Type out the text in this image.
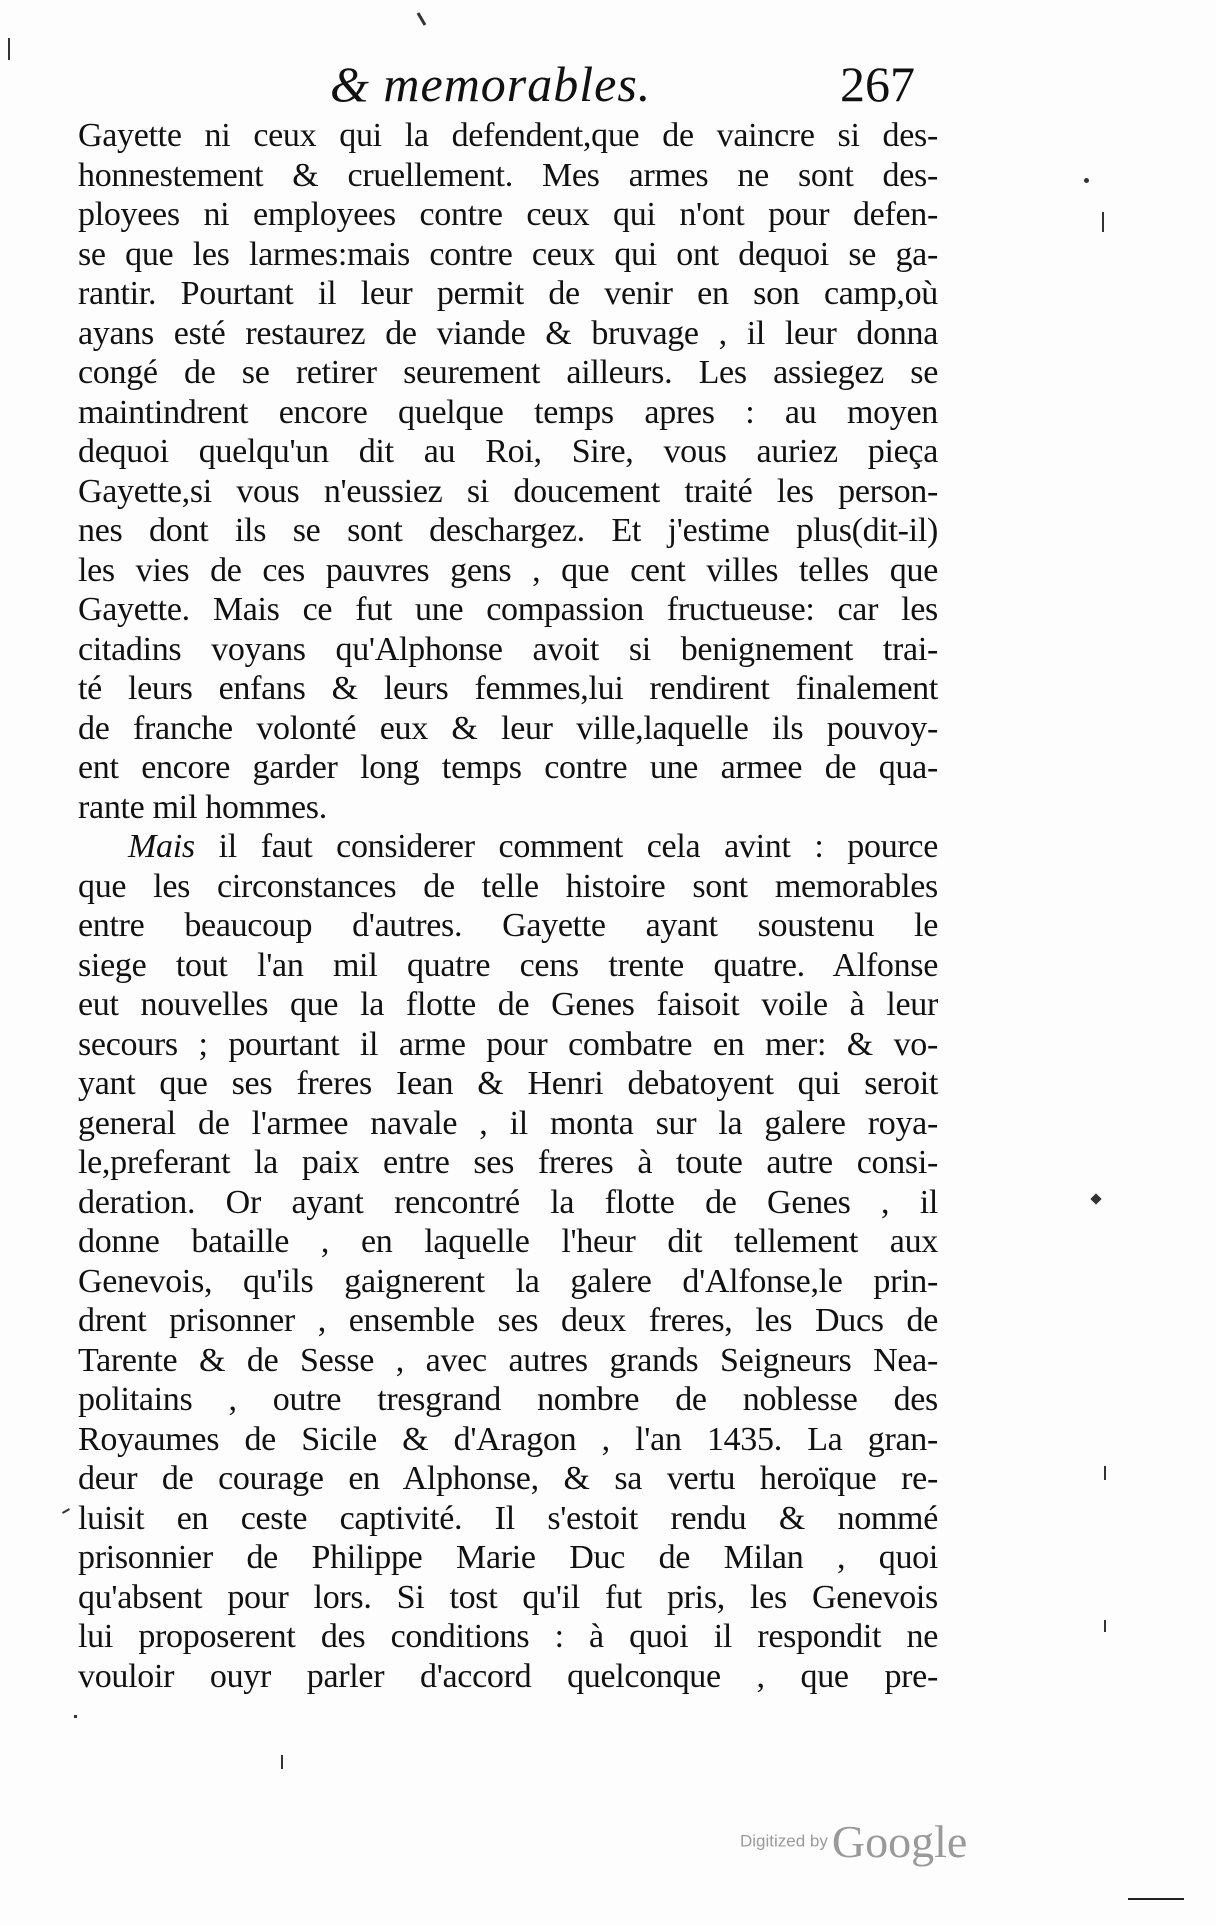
& memorables.	267
Gayette ni ceux qui la defendent,que de vaincre si des-
honnestement & cruellement. Mes armes ne sont des-
ployees ni employees contre ceux qui n'ont pour defen-
se que les larmes:mais contre ceux qui ont dequoi se ga-
rantir. Pourtant il leur permit de venir en son camp,où
ayans esté restaurez de viande & bruvage , il leur donna
congé de se retirer seurement ailleurs. Les assiegez se
maintindrent encore quelque temps apres : au moyen
dequoi quelqu'un dit au Roi, Sire, vous auriez pieça
Gayette,si vous n'eussiez si doucement traité les person-
nes dont ils se sont deschargez. Et j'estime plus(dit-il)
les vies de ces pauvres gens , que cent villes telles que
Gayette. Mais ce fut une compassion fructueuse: car les
citadins voyans qu'Alphonse avoit si benignement trai-
té leurs enfans & leurs femmes,lui rendirent finalement
de franche volonté eux & leur ville,laquelle ils pouvoy-
ent encore garder long temps contre une armee de qua-
rante mil hommes.
Mais il faut considerer comment cela avint : pource
que les circonstances de telle histoire sont memorables
entre beaucoup d'autres. Gayette ayant soustenu le
siege tout l'an mil quatre cens trente quatre. Alfonse
eut nouvelles que la flotte de Genes faisoit voile à leur
secours ; pourtant il arme pour combatre en mer: & vo-
yant que ses freres Iean & Henri debatoyent qui seroit
general de l'armee navale , il monta sur la galere roya-
le,preferant la paix entre ses freres à toute autre consi-
deration. Or ayant rencontré la flotte de Genes , il
donne bataille , en laquelle l'heur dit tellement aux
Genevois, qu'ils gaignerent la galere d'Alfonse,le prin-
drent prisonner , ensemble ses deux freres, les Ducs de
Tarente & de Sesse , avec autres grands Seigneurs Nea-
politains , outre tresgrand nombre de noblesse des
Royaumes de Sicile & d'Aragon , l'an 1435. La gran-
deur de courage en Alphonse, & sa vertu heroïque re-
luisit en ceste captivité. Il s'estoit rendu & nommé
prisonnier de Philippe Marie Duc de Milan , quoi
qu'absent pour lors. Si tost qu'il fut pris, les Genevois
lui proposerent des conditions : à quoi il respondit ne
vouloir ouyr parler d'accord quelconque , que pre-
Digitized by Google
